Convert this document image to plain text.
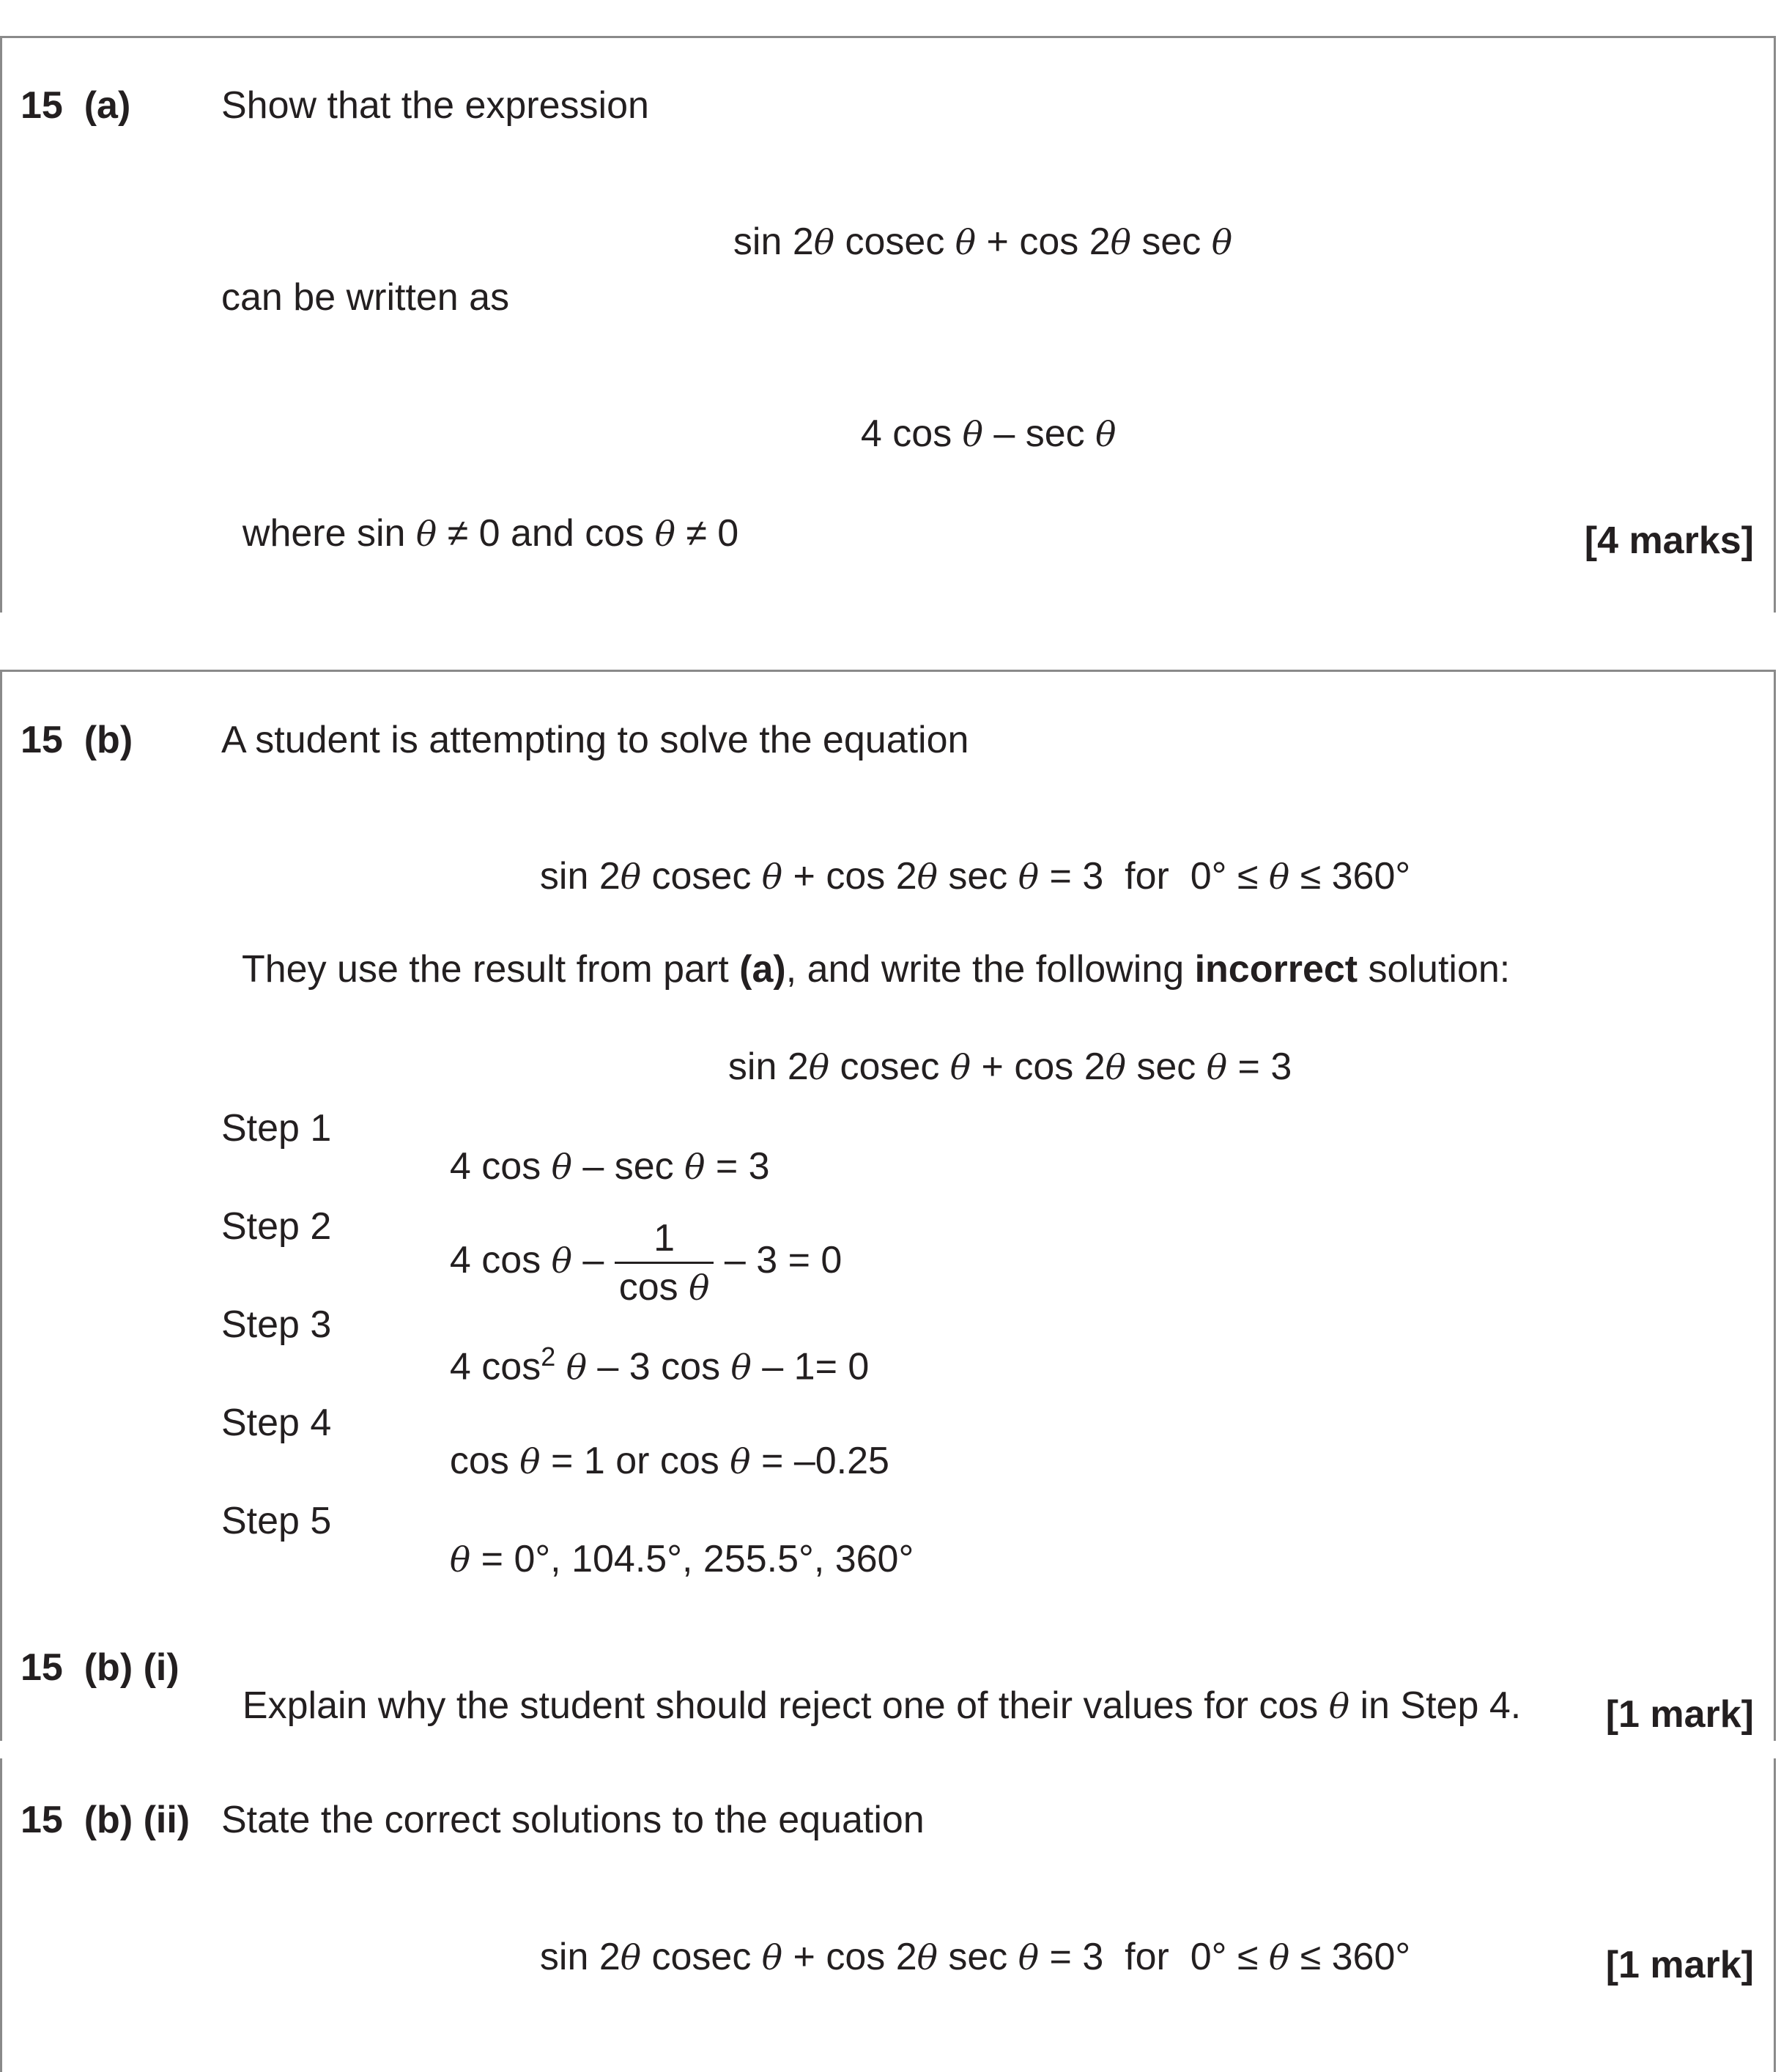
15  (a) Show that the expression

sin 2θ cosec θ + cos 2θ sec θ

can be written as

4 cos θ – sec θ

where sin θ ≠ 0 and cos θ ≠ 0	[4 marks]
15  (b) A student is attempting to solve the equation

sin 2θ cosec θ + cos 2θ sec θ = 3  for  0° ≤ θ ≤ 360°

They use the result from part (a), and write the following incorrect solution:

sin 2θ cosec θ + cos 2θ sec θ = 3

Step 1

4 cos θ – sec θ = 3

Step 2

4 $\cos \theta - \frac{1}{\text{cos θ}} - 3 = 0$

Step 3

4 $\cos^2 \theta - 3$ cos θ – 1= 0

Step 4

cos θ = 1 or cos θ = –0.25

Step 5

θ = 0°, 104.5°, 255.5°, 360°

15  (b) (i)

Explain why the student should reject one of their values for cos θ in Step 4. [1 mark]
15  (b) (ii) State the correct solutions to the equation

sin 2θ cosec θ + cos 2θ sec θ = 3  for  0° ≤ θ ≤ 360°	[1 mark]
